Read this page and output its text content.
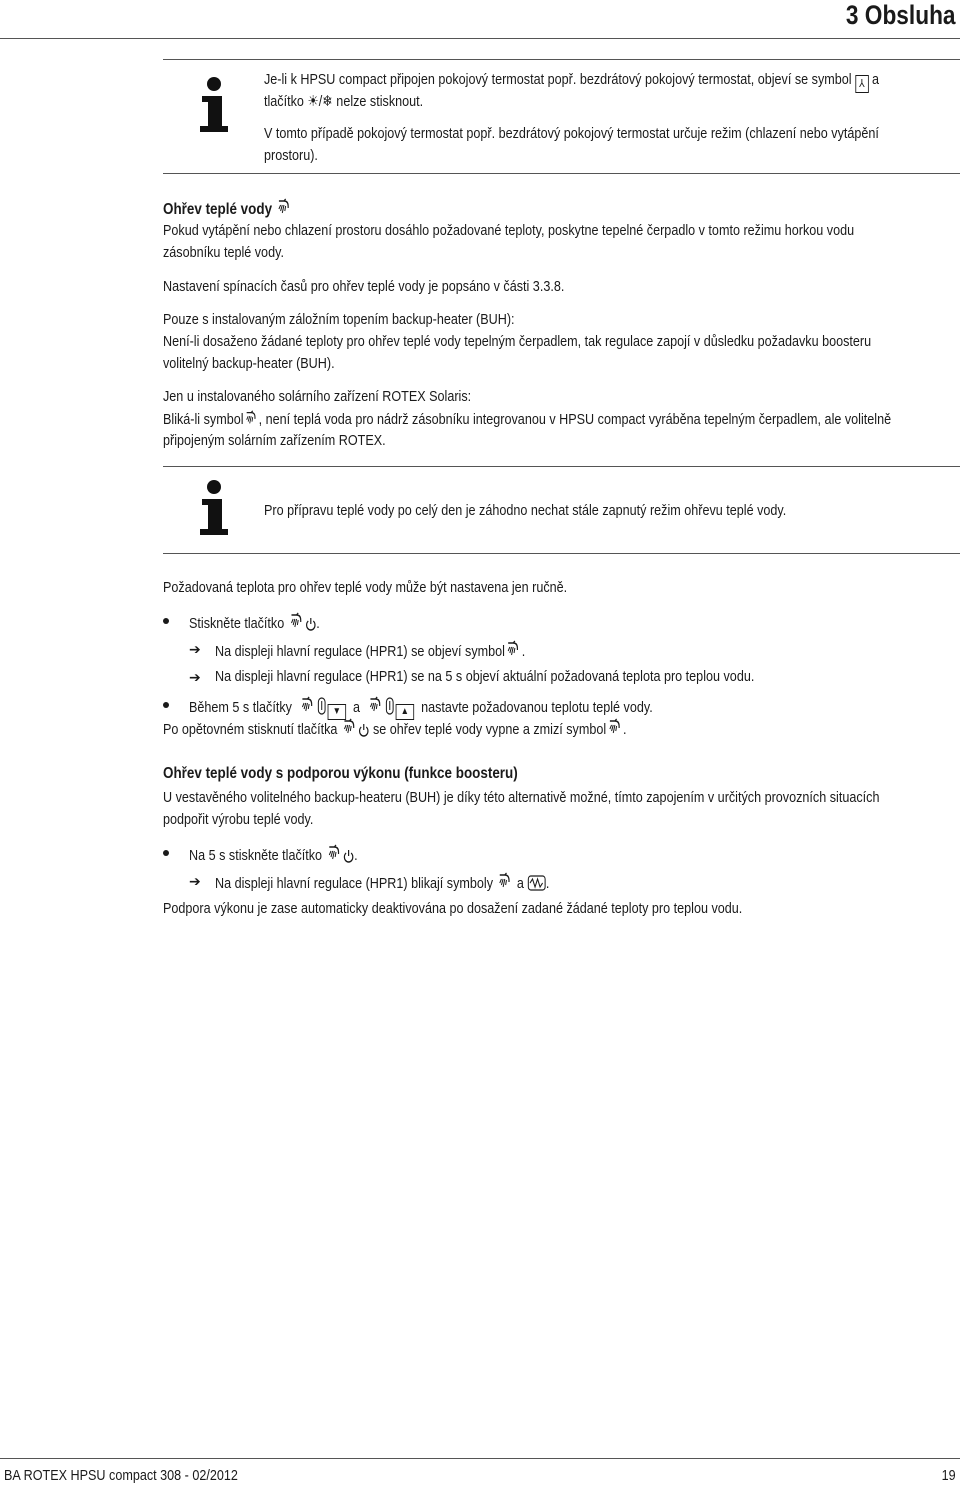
3 Obsluha
Je-li k HPSU compact připojen pokojový termostat popř. bezdrátový pokojový termostat, objeví se symbol ⅄ a
tlačítko ☀/❄ nelze stisknout.
V tomto případě pokojový termostat popř. bezdrátový pokojový termostat určuje režim (chlazení nebo vytápění
prostoru).
Ohřev teplé vody
Pokud vytápění nebo chlazení prostoru dosáhlo požadované teploty, poskytne tepelné čerpadlo v tomto režimu horkou vodu
zásobníku teplé vody.
Nastavení spínacích časů pro ohřev teplé vody je popsáno v části 3.3.8.
Pouze s instalovaným záložním topením backup-heater (BUH):
Není-li dosaženo žádané teploty pro ohřev teplé vody tepelným čerpadlem, tak regulace zapojí v důsledku požadavku boosteru
volitelný backup-heater (BUH).
Jen u instalovaného solárního zařízení ROTEX Solaris:
Bliká-li symbol , není teplá voda pro nádrž zásobníku integrovanou v HPSU compact vyráběna tepelným čerpadlem, ale volitelně
připojeným solárním zařízením ROTEX.
Pro přípravu teplé vody po celý den je záhodno nechat stále zapnutý režim ohřevu teplé vody.
Požadovaná teplota pro ohřev teplé vody může být nastavena jen ručně.
Stiskněte tlačítko .
➔ Na displeji hlavní regulace (HPR1) se objeví symbol .
➔ Na displeji hlavní regulace (HPR1) se na 5 s objeví aktuální požadovaná teplota pro teplou vodu.
Během 5 s tlačítky	▼ a	▲ nastavte požadovanou teplotu teplé vody.
Po opětovném stisknutí tlačítka se ohřev teplé vody vypne a zmizí symbol .
Ohřev teplé vody s podporou výkonu (funkce boosteru)
U vestavěného volitelného backup-heateru (BUH) je díky této alternativě možné, tímto zapojením v určitých provozních situacích
podpořit výrobu teplé vody.
Na 5 s stiskněte tlačítko .
➔ Na displeji hlavní regulace (HPR1) blikají symboly a .
Podpora výkonu je zase automaticky deaktivována po dosažení zadané žádané teploty pro teplou vodu.
BA ROTEX HPSU compact 308 - 02/2012	19
